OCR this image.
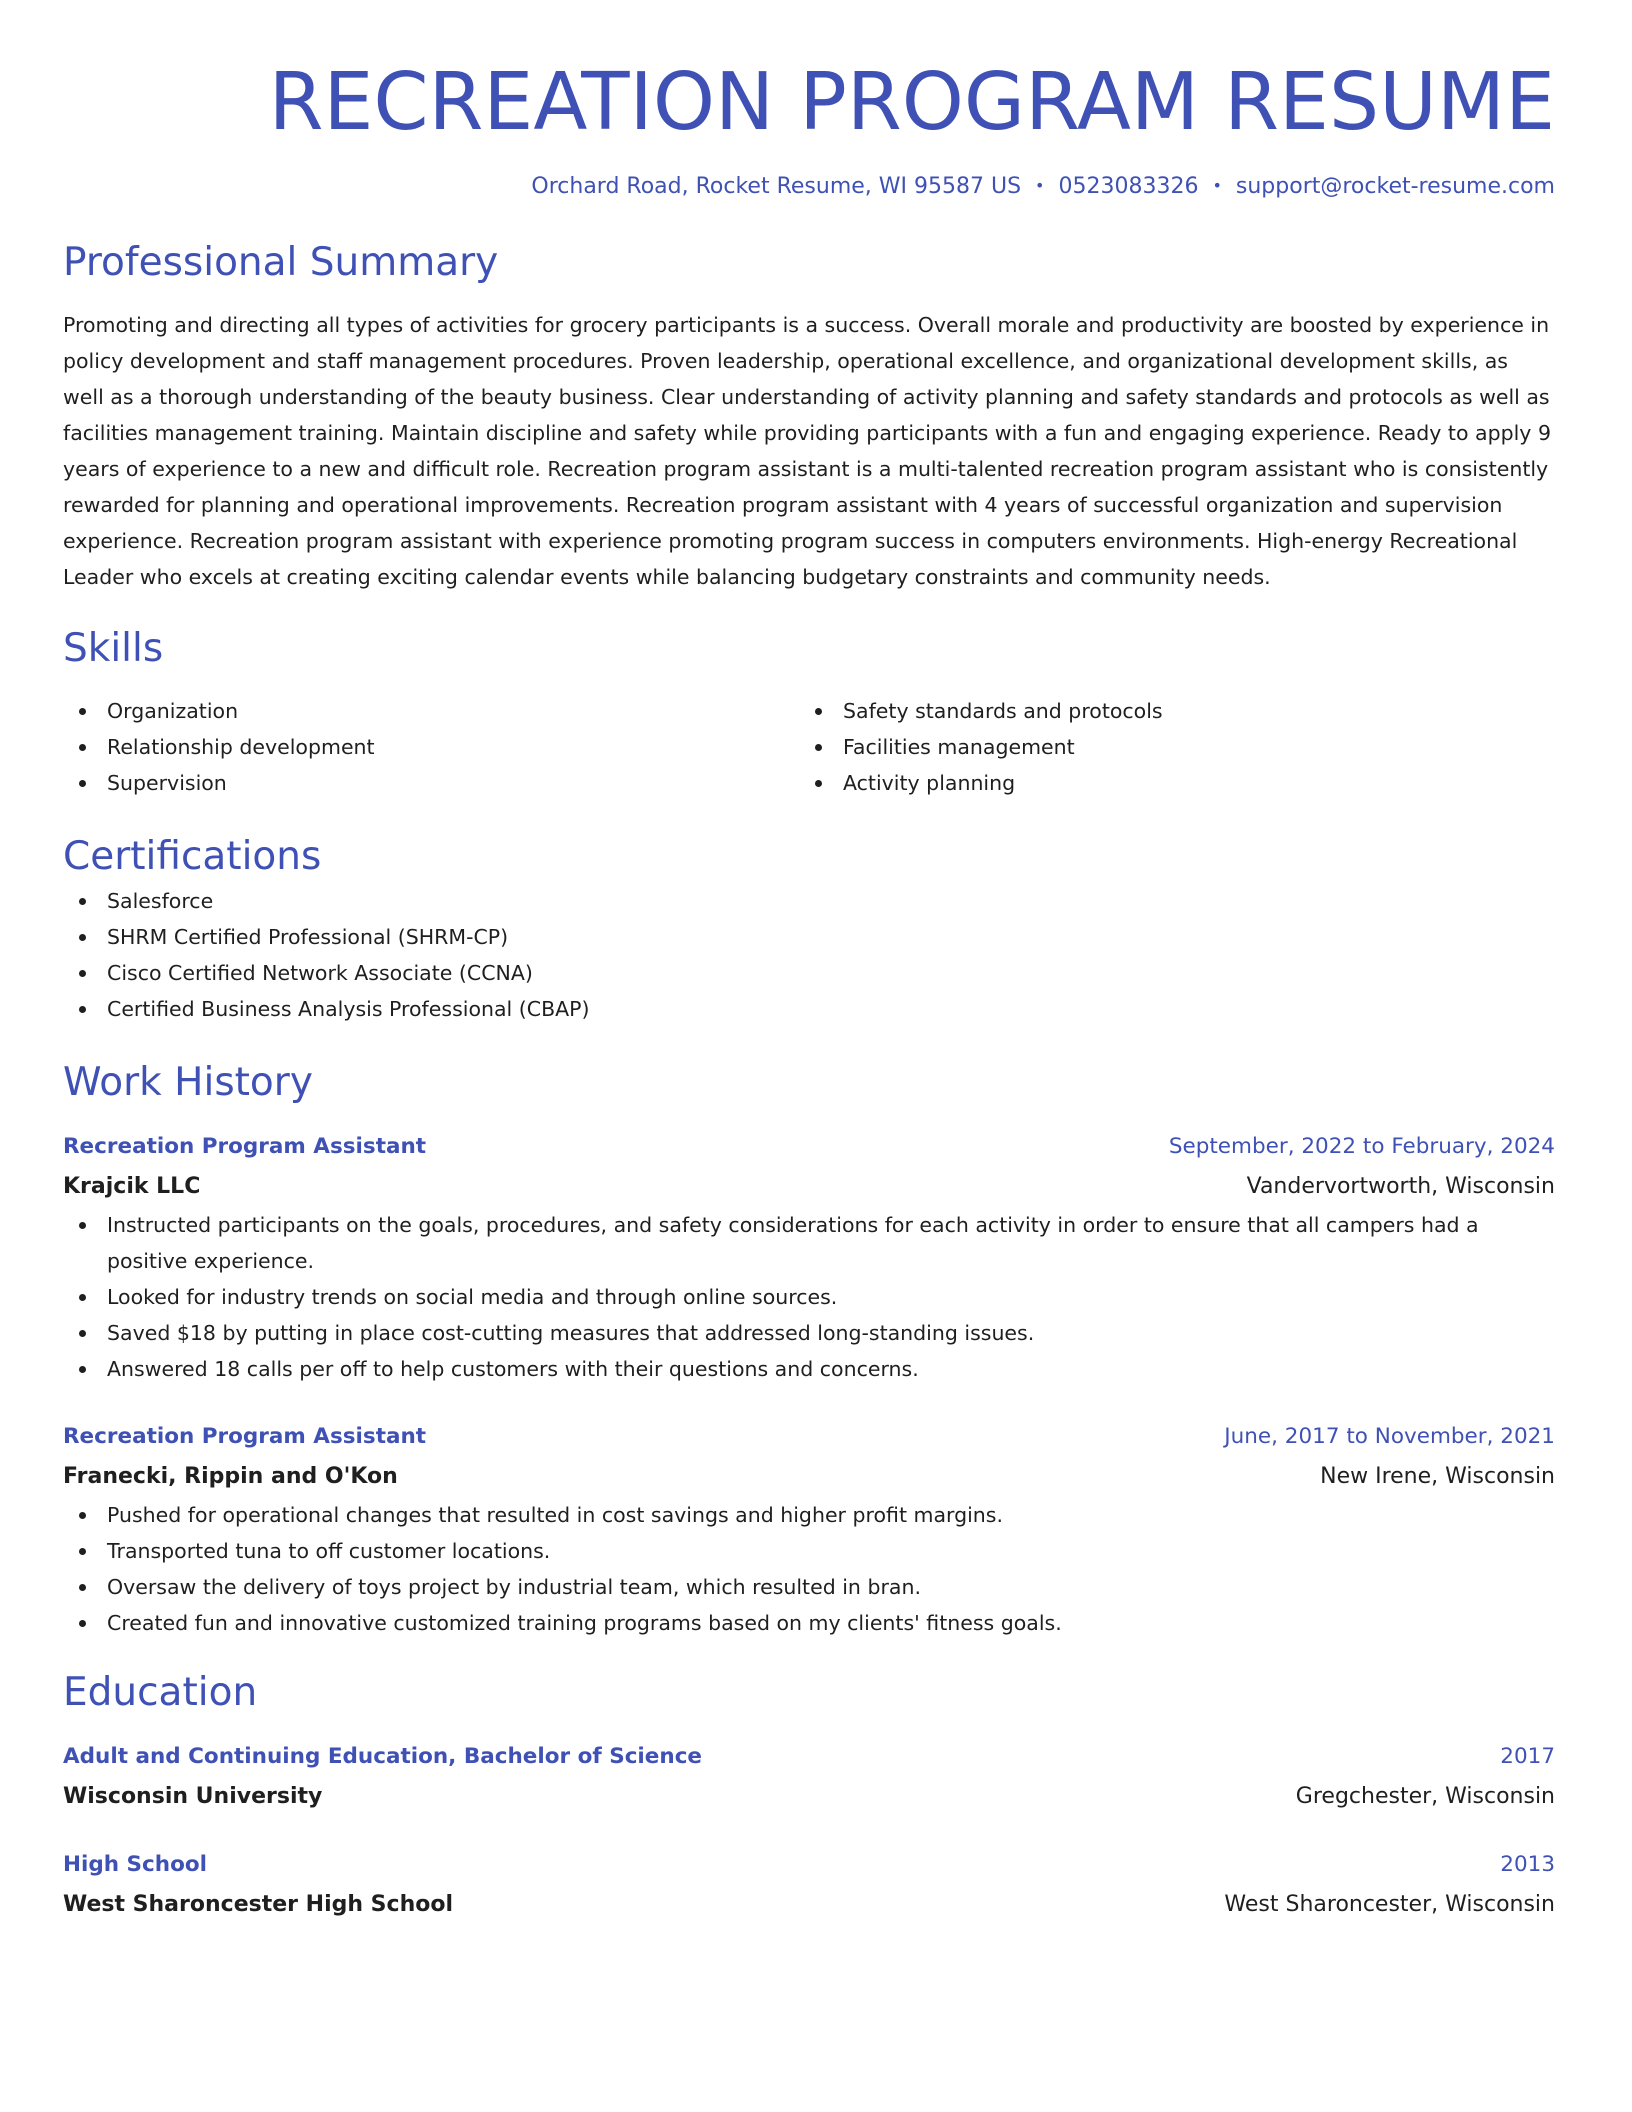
RECREATION PROGRAM RESUME
Orchard Road, Rocket Resume, WI 95587 US • 0523083326 • support@rocket-resume.com
Professional Summary
Promoting and directing all types of activities for grocery participants is a success. Overall morale and productivity are boosted by experience in policy development and staff management procedures. Proven leadership, operational excellence, and organizational development skills, as well as a thorough understanding of the beauty business. Clear understanding of activity planning and safety standards and protocols as well as facilities management training. Maintain discipline and safety while providing participants with a fun and engaging experience. Ready to apply 9 years of experience to a new and difficult role. Recreation program assistant is a multi-talented recreation program assistant who is consistently rewarded for planning and operational improvements. Recreation program assistant with 4 years of successful organization and supervision experience. Recreation program assistant with experience promoting program success in computers environments. High-energy Recreational Leader who excels at creating exciting calendar events while balancing budgetary constraints and community needs.
Skills
Organization
Relationship development
Supervision
Safety standards and protocols
Facilities management
Activity planning
Certifications
Salesforce
SHRM Certified Professional (SHRM-CP)
Cisco Certified Network Associate (CCNA)
Certified Business Analysis Professional (CBAP)
Work History
Recreation Program Assistant	September, 2022 to February, 2024
Krajcik LLC	Vandervortworth, Wisconsin
Instructed participants on the goals, procedures, and safety considerations for each activity in order to ensure that all campers had a positive experience.
Looked for industry trends on social media and through online sources.
Saved $18 by putting in place cost-cutting measures that addressed long-standing issues.
Answered 18 calls per off to help customers with their questions and concerns.
Recreation Program Assistant	June, 2017 to November, 2021
Franecki, Rippin and O'Kon	New Irene, Wisconsin
Pushed for operational changes that resulted in cost savings and higher profit margins.
Transported tuna to off customer locations.
Oversaw the delivery of toys project by industrial team, which resulted in bran.
Created fun and innovative customized training programs based on my clients' fitness goals.
Education
Adult and Continuing Education, Bachelor of Science	2017
Wisconsin University	Gregchester, Wisconsin
High School	2013
West Sharoncester High School	West Sharoncester, Wisconsin
